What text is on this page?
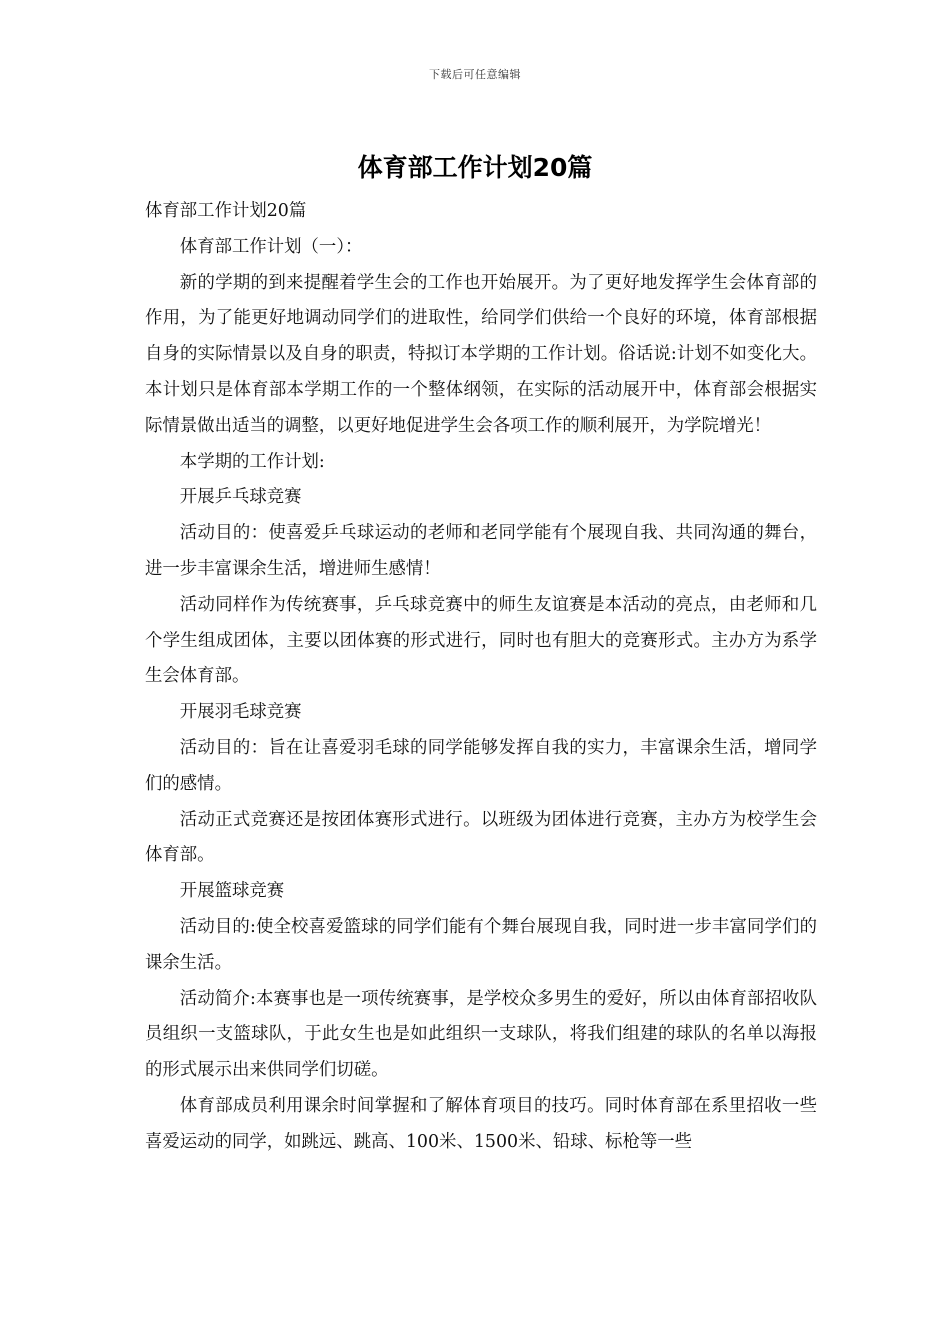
下载后可任意编辑
体育部工作计划20篇

体育部工作计划20篇

体育部工作计划（一）：

新的学期的到来提醒着学生会的工作也开始展开。为了更好地发挥学生会体育部的作用，为了能更好地调动同学们的进取性，给同学们供给一个良好的环境，体育部根据自身的实际情景以及自身的职责，特拟订本学期的工作计划。俗话说:计划不如变化大。本计划只是体育部本学期工作的一个整体纲领，在实际的活动展开中，体育部会根据实际情景做出适当的调整，以更好地促进学生会各项工作的顺利展开，为学院增光！

本学期的工作计划:

开展乒乓球竞赛

活动目的：使喜爱乒乓球运动的老师和老同学能有个展现自我、共同沟通的舞台，进一步丰富课余生活，增进师生感情！

活动同样作为传统赛事，乒乓球竞赛中的师生友谊赛是本活动的亮点，由老师和几个学生组成团体，主要以团体赛的形式进行，同时也有胆大的竞赛形式。主办方为系学生会体育部。

开展羽毛球竞赛

活动目的：旨在让喜爱羽毛球的同学能够发挥自我的实力，丰富课余生活，增同学们的感情。

活动正式竞赛还是按团体赛形式进行。以班级为团体进行竞赛，主办方为校学生会体育部。

开展篮球竞赛

活动目的:使全校喜爱篮球的同学们能有个舞台展现自我，同时进一步丰富同学们的课余生活。

活动简介:本赛事也是一项传统赛事，是学校众多男生的爱好，所以由体育部招收队员组织一支篮球队，于此女生也是如此组织一支球队，将我们组建的球队的名单以海报的形式展示出来供同学们切磋。

体育部成员利用课余时间掌握和了解体育项目的技巧。同时体育部在系里招收一些喜爱运动的同学，如跳远、跳高、100米、1500米、铅球、标枪等一些
